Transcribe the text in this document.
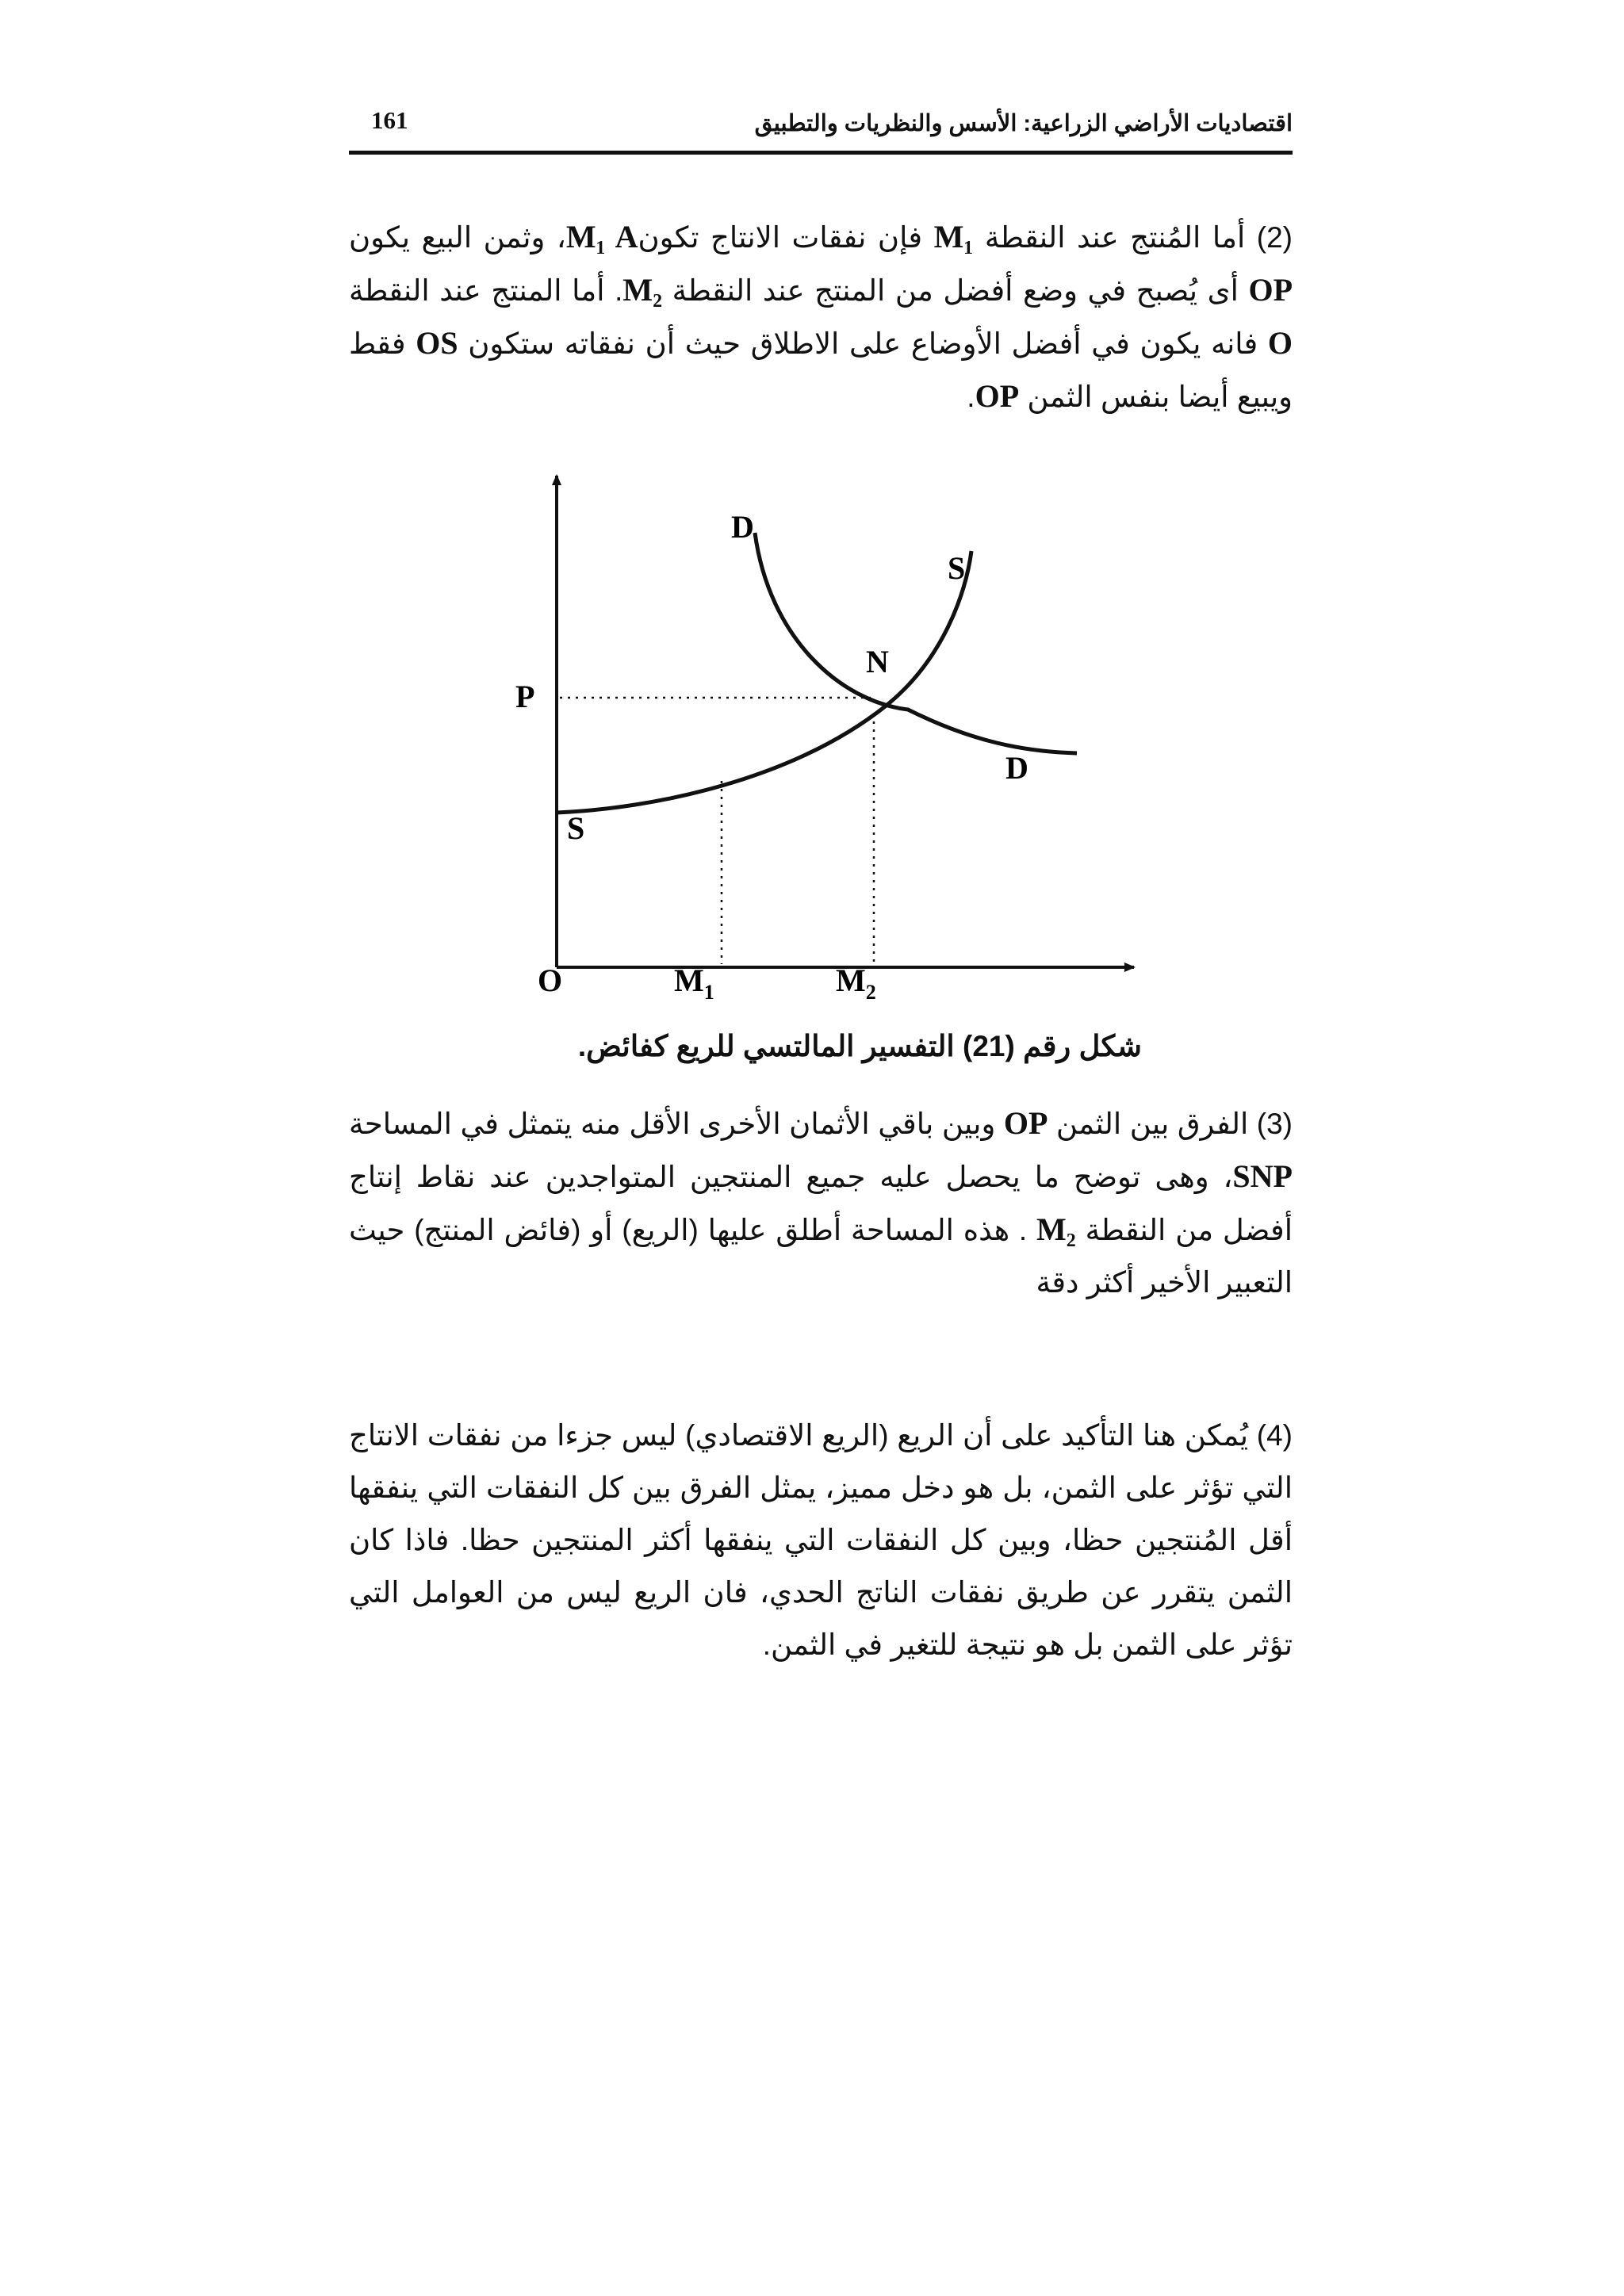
اقتصاديات الأراضي الزراعية: الأسس والنظريات والتطبيق
161

(2) أما المُنتج عند النقطة M₁ فإن نفقات الانتاج تكونM₁ A، وثمن البيع يكون OP أى يُصبح في وضع أفضل من المنتج عند النقطة M₂. أما المنتج عند النقطة O فانه يكون في أفضل الأوضاع على الاطلاق حيث أن نفقاته ستكون OS فقط ويبيع أيضا بنفس الثمن OP.

P
O
S
S
D
D
N
$M_1$	$M_2$
شكل رقم (21) التفسير المالتسي للريع كفائض.

(3) الفرق بين الثمن OP وبين باقي الأثمان الأخرى الأقل منه يتمثل في المساحة SNP، وهى توضح ما يحصل عليه جميع المنتجين المتواجدين عند نقاط إنتاج أفضل من النقطة M₂ . هذه المساحة أطلق عليها (الريع) أو (فائض المنتج) حيث التعبير الأخير أكثر دقة

(4) يُمكن هنا التأكيد على أن الريع (الريع الاقتصادي) ليس جزءا من نفقات الانتاج التي تؤثر على الثمن، بل هو دخل مميز، يمثل الفرق بين كل النفقات التي ينفقها أقل المُنتجين حظا، وبين كل النفقات التي ينفقها أكثر المنتجين حظا. فاذا كان الثمن يتقرر عن طريق نفقات الناتج الحدي، فان الريع ليس من العوامل التي تؤثر على الثمن بل هو نتيجة للتغير في الثمن.
